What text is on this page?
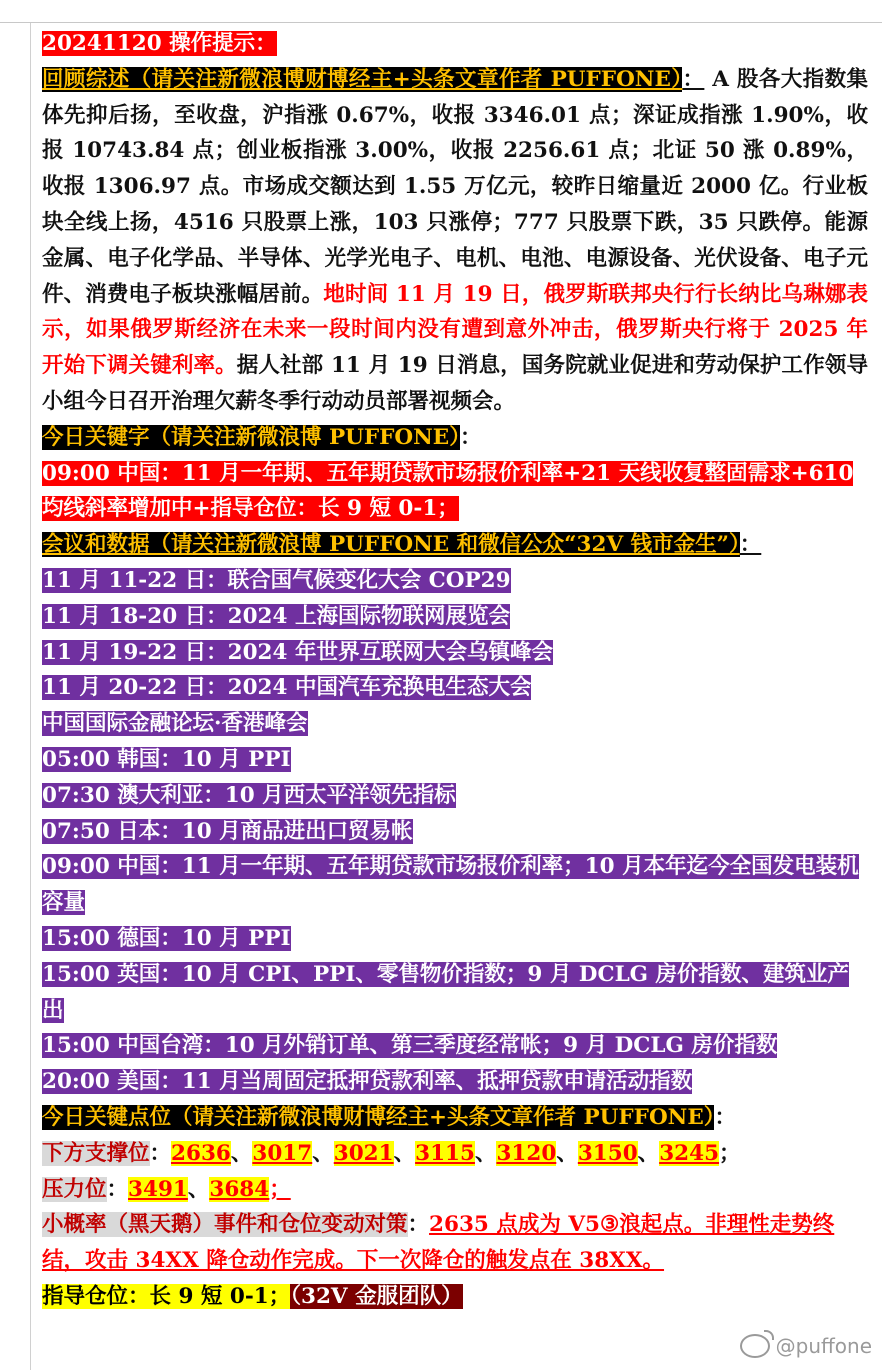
20241120 操作提示：

回顾综述（请关注新微浪博财博经主+头条文章作者 PUFFONE）： A 股各大指数集体先抑后扬，至收盘，沪指涨 0.67%，收报 3346.01 点；深证成指涨 1.90%，收报 10743.84 点；创业板指涨 3.00%，收报 2256.61 点；北证 50 涨 0.89%，收报 1306.97 点。市场成交额达到 1.55 万亿元，较昨日缩量近 2000 亿。行业板块全线上扬，4516 只股票上涨，103 只涨停；777 只股票下跌，35 只跌停。能源金属、电子化学品、半导体、光学光电子、电机、电池、电源设备、光伏设备、电子元件、消费电子板块涨幅居前。地时间 11 月 19 日，俄罗斯联邦央行行长纳比乌琳娜表示，如果俄罗斯经济在未来一段时间内没有遭到意外冲击，俄罗斯央行将于 2025 年开始下调关键利率。据人社部 11 月 19 日消息，国务院就业促进和劳动保护工作领导小组今日召开治理欠薪冬季行动动员部署视频会。

今日关键字（请关注新微浪博 PUFFONE）：

09:00 中国：11 月一年期、五年期贷款市场报价利率+21 天线收复整固需求+610 均线斜率增加中+指导仓位：长 9 短 0-1；

会议和数据（请关注新微浪博 PUFFONE 和微信公众“32V 钱市金生”）：

11 月 11-22 日：联合国气候变化大会 COP29

11 月 18-20 日：2024 上海国际物联网展览会

11 月 19-22 日：2024 年世界互联网大会乌镇峰会

11 月 20-22 日：2024 中国汽车充换电生态大会

中国国际金融论坛·香港峰会

05:00 韩国：10 月 PPI

07:30 澳大利亚：10 月西太平洋领先指标

07:50 日本：10 月商品进出口贸易帐

09:00 中国：11 月一年期、五年期贷款市场报价利率；10 月本年迄今全国发电装机容量

15:00 德国：10 月 PPI

15:00 英国：10 月 CPI、PPI、零售物价指数；9 月 DCLG 房价指数、建筑业产出

15:00 中国台湾：10 月外销订单、第三季度经常帐；9 月 DCLG 房价指数

20:00 美国：11 月当周固定抵押贷款利率、抵押贷款申请活动指数

今日关键点位（请关注新微浪博财博经主+头条文章作者 PUFFONE）：

下方支撑位：2636、3017、3021、3115、3120、3150、3245；

压力位：3491、3684；

小概率（黑天鹅）事件和仓位变动对策：2635 点成为 V5③浪起点。非理性走势终结，攻击 34XX 降仓动作完成。下一次降仓的触发点在 38XX。

指导仓位：长 9 短 0-1；（32V 金服团队）

@puffone
